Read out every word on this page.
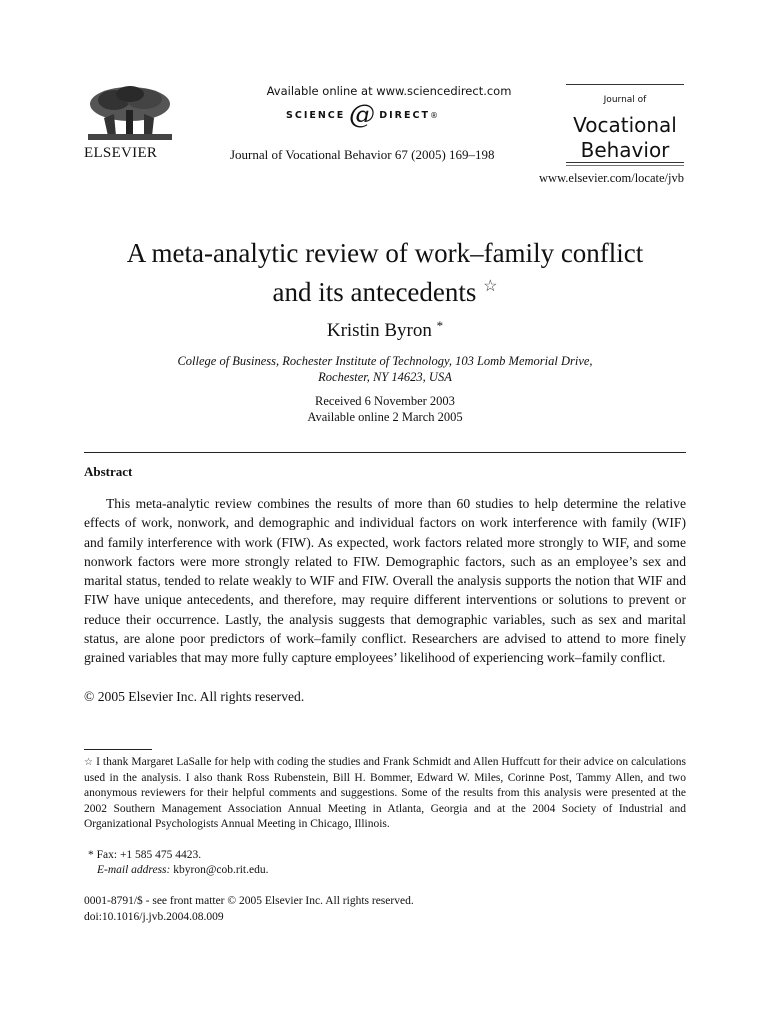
ELSEVIER
Available online at www.sciencedirect.com
SCIENCE @ DIRECT ®
Journal of Vocational Behavior 67 (2005) 169–198
Journal of
Vocational
Behavior
www.elsevier.com/locate/jvb
A meta-analytic review of work–family conflict
and its antecedents ☆
Kristin Byron *
College of Business, Rochester Institute of Technology, 103 Lomb Memorial Drive,
Rochester, NY 14623, USA
Received 6 November 2003
Available online 2 March 2005
Abstract

This meta-analytic review combines the results of more than 60 studies to help determine the relative effects of work, nonwork, and demographic and individual factors on work interference with family (WIF) and family interference with work (FIW). As expected, work factors related more strongly to WIF, and some nonwork factors were more strongly related to FIW. Demographic factors, such as an employee’s sex and marital status, tended to relate weakly to WIF and FIW. Overall the analysis supports the notion that WIF and FIW have unique antecedents, and therefore, may require different interventions or solutions to prevent or reduce their occurrence. Lastly, the analysis suggests that demographic variables, such as sex and marital status, are alone poor predictors of work–family conflict. Researchers are advised to attend to more finely grained variables that may more fully capture employees’ likelihood of experiencing work–family conflict.

© 2005 Elsevier Inc. All rights reserved.

☆ I thank Margaret LaSalle for help with coding the studies and Frank Schmidt and Allen Huffcutt for their advice on calculations used in the analysis. I also thank Ross Rubenstein, Bill H. Bommer, Edward W. Miles, Corinne Post, Tammy Allen, and two anonymous reviewers for their helpful comments and suggestions. Some of the results from this analysis were presented at the 2002 Southern Management Association Annual Meeting in Atlanta, Georgia and at the 2004 Society of Industrial and Organizational Psychologists Annual Meeting in Chicago, Illinois.

* Fax: +1 585 475 4423.
E-mail address: kbyron@cob.rit.edu.
0001-8791/$ - see front matter © 2005 Elsevier Inc. All rights reserved.
doi:10.1016/j.jvb.2004.08.009
